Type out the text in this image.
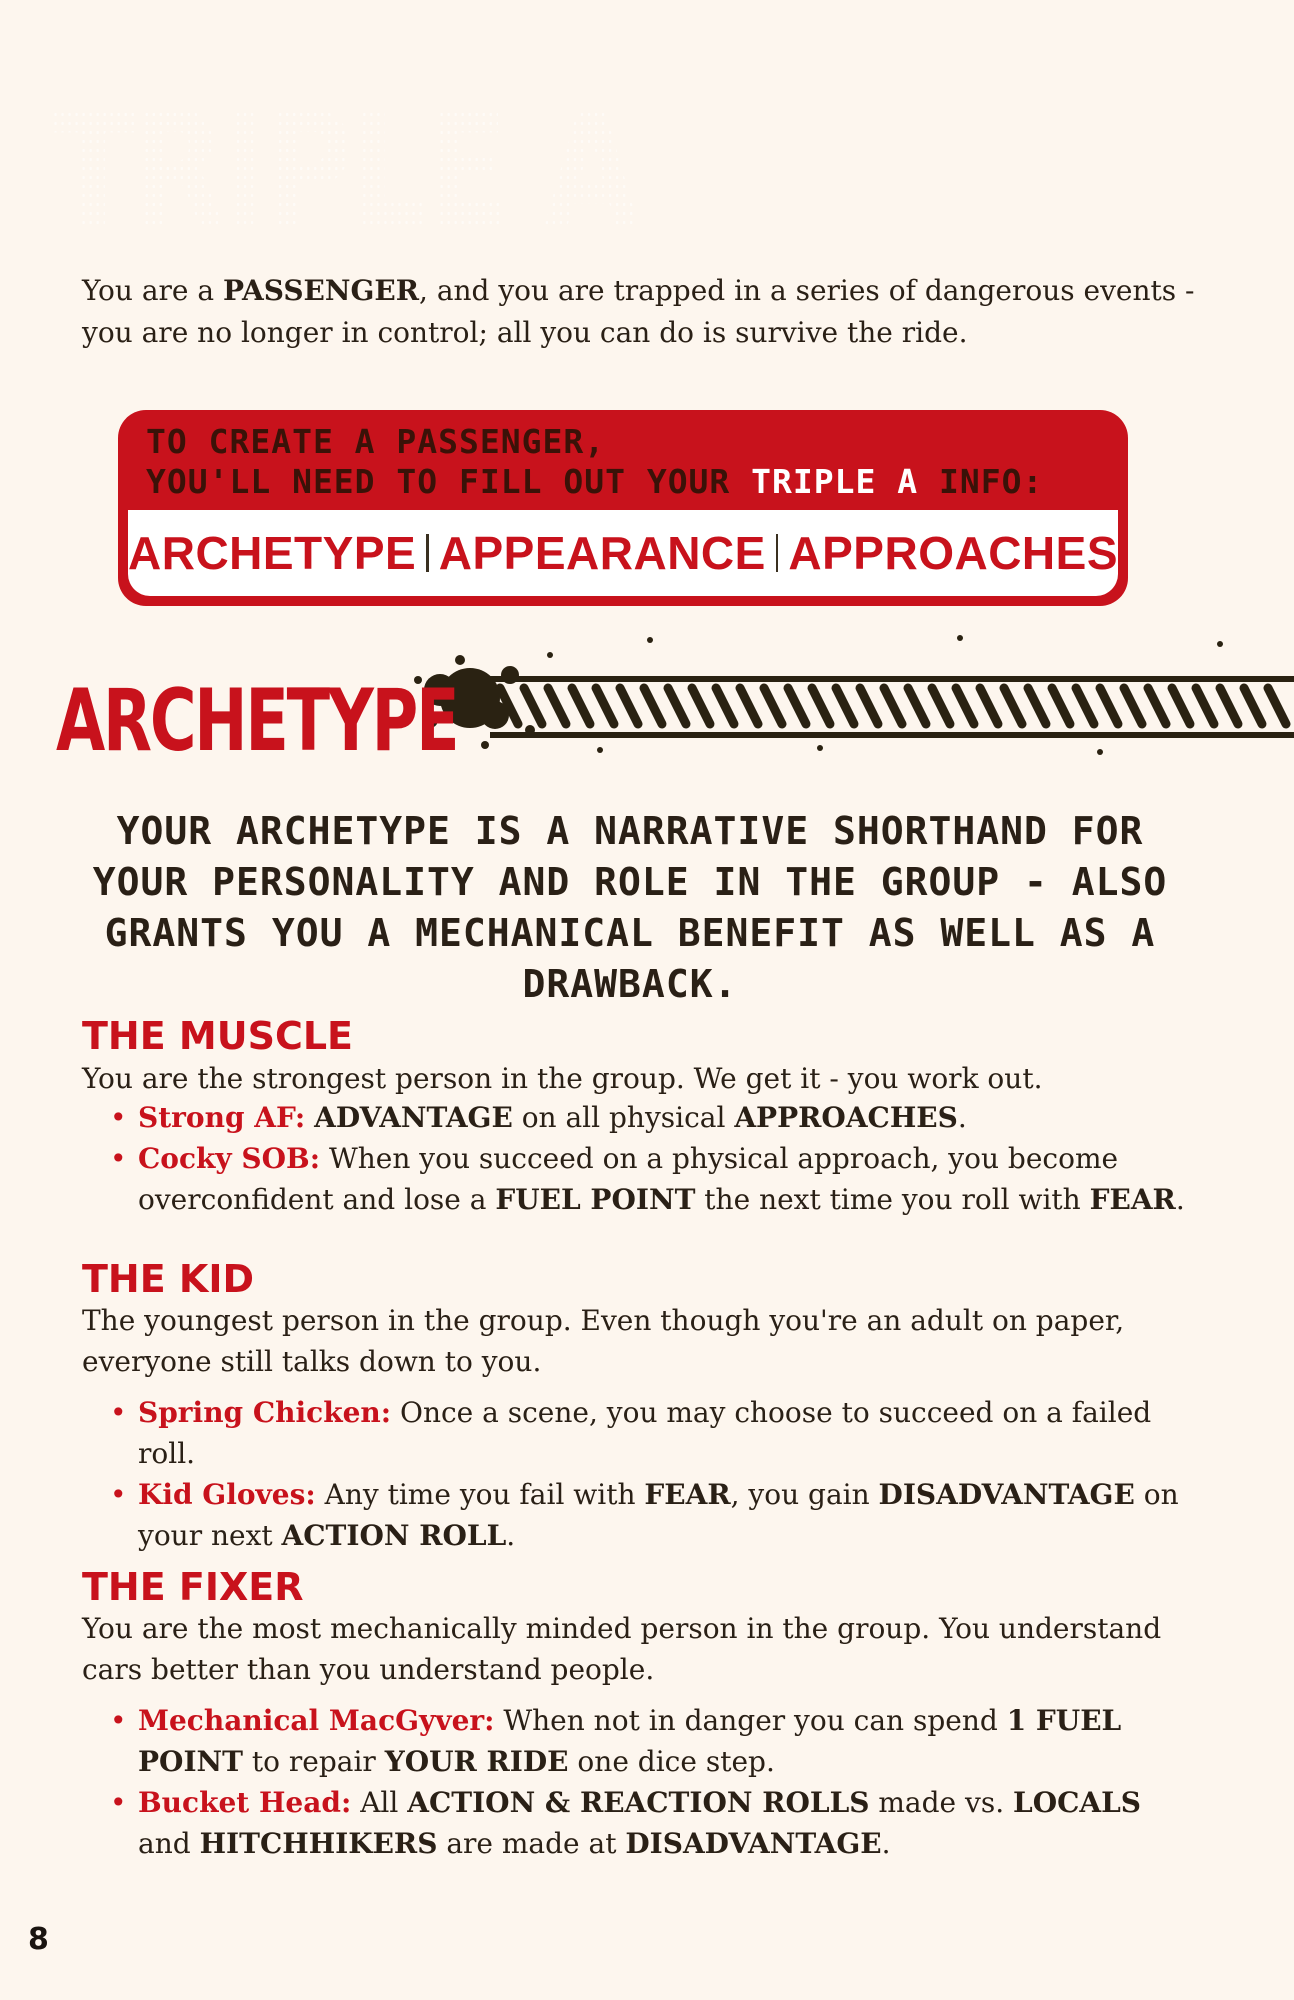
TRIPLE A

You are a PASSENGER, and you are trapped in a series of dangerous events - you are no longer in control; all you can do is survive the ride.

TO CREATE A PASSENGER,
YOU'LL NEED TO FILL OUT YOUR TRIPLE A INFO:
ARCHETYPE APPEARANCE APPROACHES
ARCHETYPE

YOUR ARCHETYPE IS A NARRATIVE SHORTHAND FOR YOUR PERSONALITY AND ROLE IN THE GROUP - ALSO GRANTS YOU A MECHANICAL BENEFIT AS WELL AS A DRAWBACK.

THE MUSCLE

You are the strongest person in the group. We get it - you work out.

• Strong AF: ADVANTAGE on all physical APPROACHES.
• Cocky SOB: When you succeed on a physical approach, you become overconfident and lose a FUEL POINT the next time you roll with FEAR.
THE KID

The youngest person in the group. Even though you're an adult on paper, everyone still talks down to you.

• Spring Chicken: Once a scene, you may choose to succeed on a failed roll.
• Kid Gloves: Any time you fail with FEAR, you gain DISADVANTAGE on your next ACTION ROLL.
THE FIXER

You are the most mechanically minded person in the group. You understand cars better than you understand people.

• Mechanical MacGyver: When not in danger you can spend 1 FUEL POINT to repair YOUR RIDE one dice step.
• Bucket Head: All ACTION & REACTION ROLLS made vs. LOCALS and HITCHHIKERS are made at DISADVANTAGE.
8
